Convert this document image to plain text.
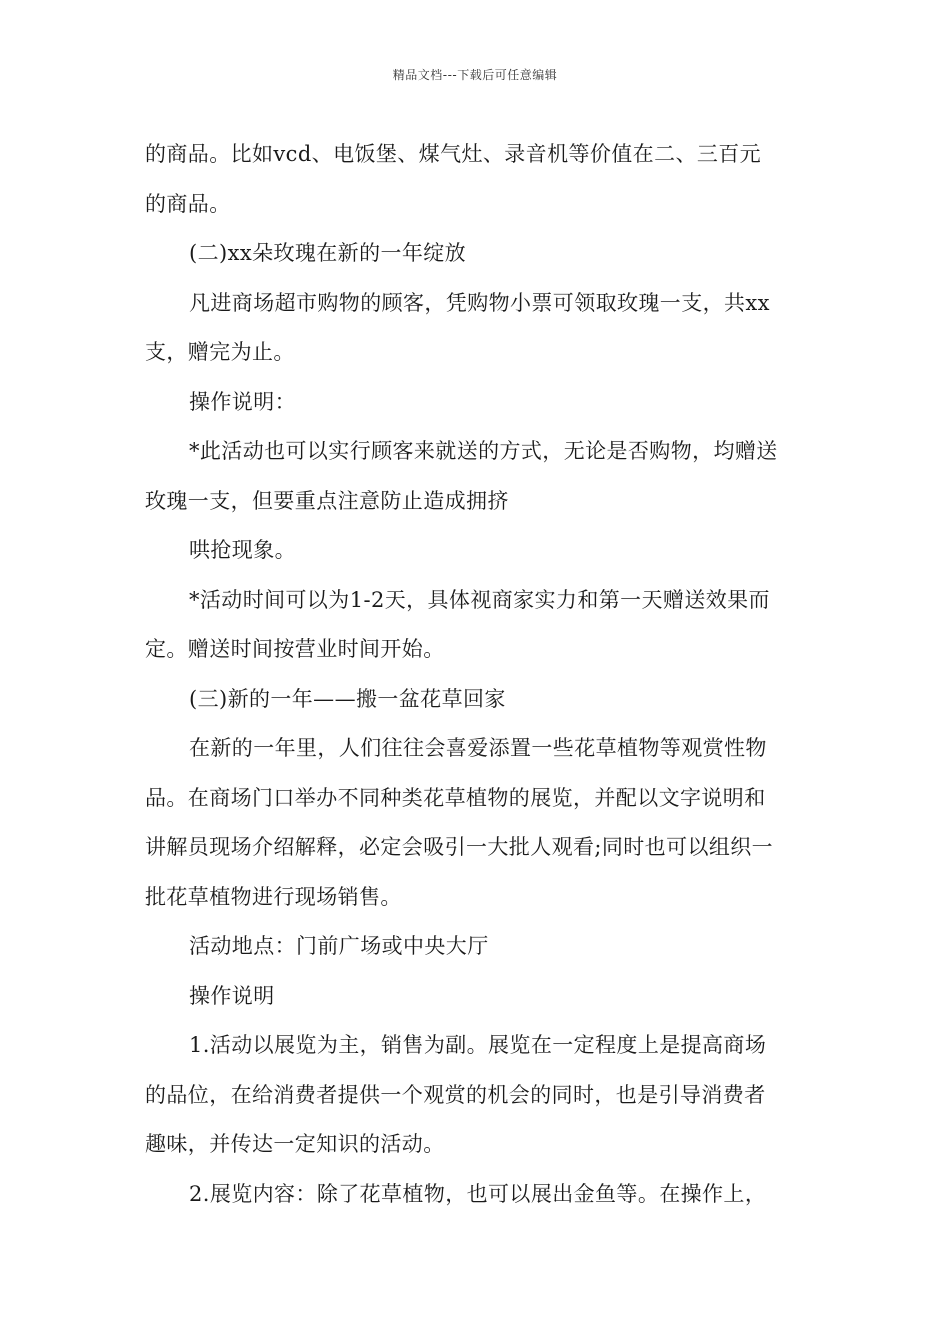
精品文档---下载后可任意编辑
的商品。比如vcd、电饭堡、煤气灶、录音机等价值在二、三百元
的商品。
(二)xx朵玫瑰在新的一年绽放
凡进商场超市购物的顾客，凭购物小票可领取玫瑰一支，共xx
支，赠完为止。
操作说明：
*此活动也可以实行顾客来就送的方式，无论是否购物，均赠送
玫瑰一支，但要重点注意防止造成拥挤
哄抢现象。
*活动时间可以为1-2天，具体视商家实力和第一天赠送效果而
定。赠送时间按营业时间开始。
(三)新的一年——搬一盆花草回家
在新的一年里，人们往往会喜爱添置一些花草植物等观赏性物
品。在商场门口举办不同种类花草植物的展览，并配以文字说明和
讲解员现场介绍解释，必定会吸引一大批人观看;同时也可以组织一
批花草植物进行现场销售。
活动地点：门前广场或中央大厅
操作说明
1.活动以展览为主，销售为副。展览在一定程度上是提高商场
的品位，在给消费者提供一个观赏的机会的同时，也是引导消费者
趣味，并传达一定知识的活动。
2.展览内容：除了花草植物，也可以展出金鱼等。在操作上，
